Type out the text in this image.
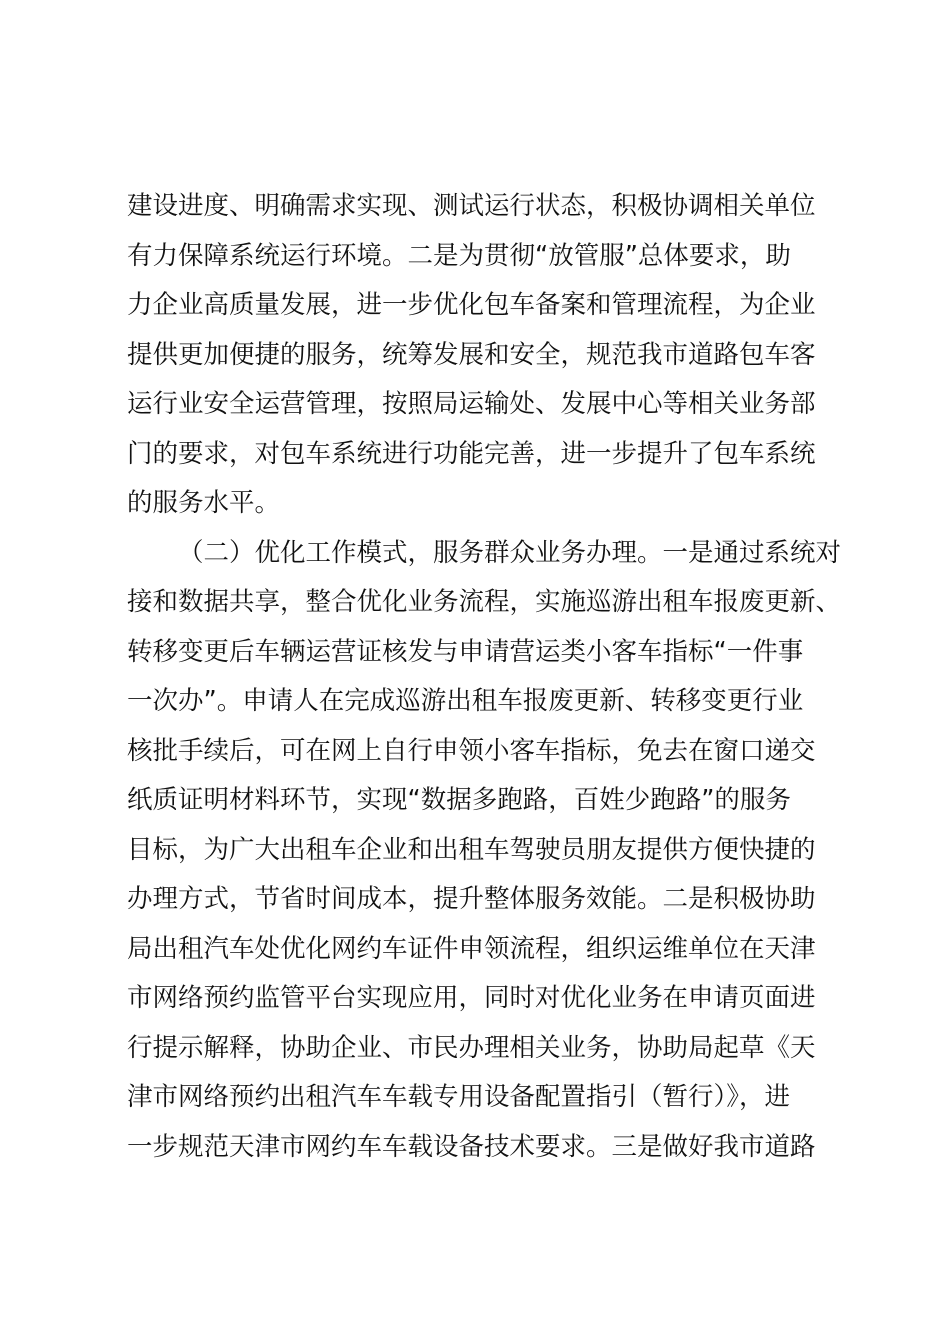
建设进度、明确需求实现、测试运行状态，积极协调相关单位
有力保障系统运行环境。二是为贯彻“放管服”总体要求，助
力企业高质量发展，进一步优化包车备案和管理流程，为企业
提供更加便捷的服务，统筹发展和安全，规范我市道路包车客
运行业安全运营管理，按照局运输处、发展中心等相关业务部
门的要求，对包车系统进行功能完善，进一步提升了包车系统
的服务水平。
（二）优化工作模式，服务群众业务办理。一是通过系统对
接和数据共享，整合优化业务流程，实施巡游出租车报废更新、
转移变更后车辆运营证核发与申请营运类小客车指标“一件事
一次办”。申请人在完成巡游出租车报废更新、转移变更行业
核批手续后，可在网上自行申领小客车指标，免去在窗口递交
纸质证明材料环节，实现“数据多跑路，百姓少跑路”的服务
目标，为广大出租车企业和出租车驾驶员朋友提供方便快捷的
办理方式，节省时间成本，提升整体服务效能。二是积极协助
局出租汽车处优化网约车证件申领流程，组织运维单位在天津
市网络预约监管平台实现应用，同时对优化业务在申请页面进
行提示解释，协助企业、市民办理相关业务，协助局起草《天
津市网络预约出租汽车车载专用设备配置指引（暂行）》，进
一步规范天津市网约车车载设备技术要求。三是做好我市道路
